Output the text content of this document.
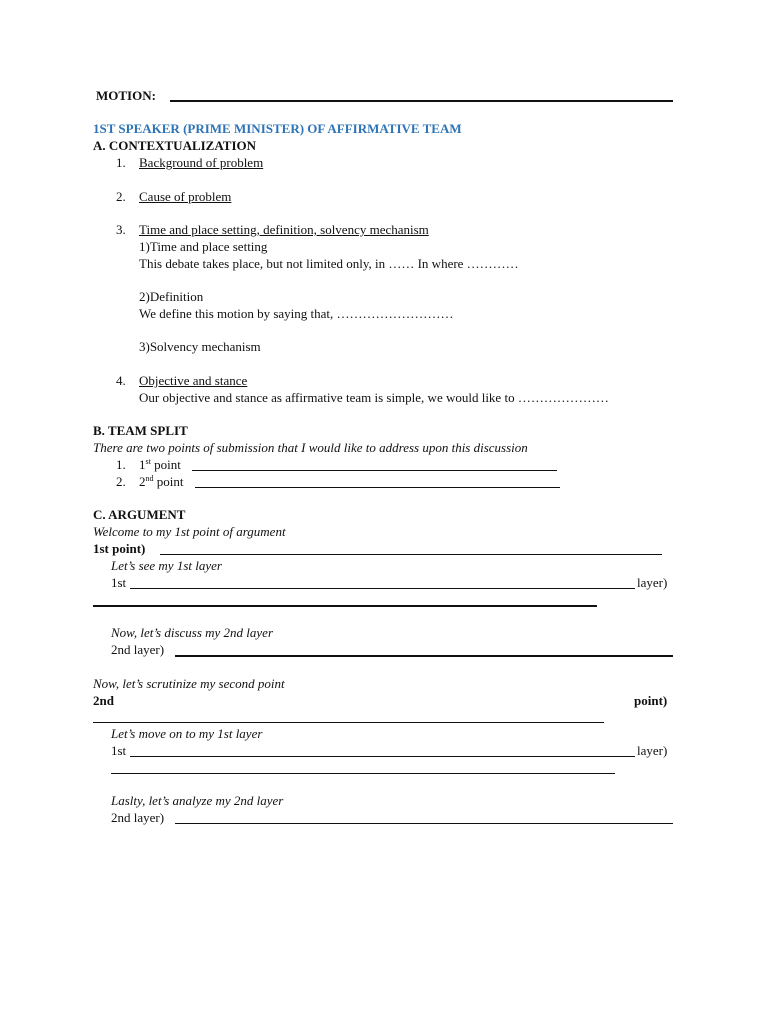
MOTION:
1ST SPEAKER (PRIME MINISTER) OF AFFIRMATIVE TEAM
A. CONTEXTUALIZATION
1. Background of problem
2. Cause of problem
3. Time and place setting, definition, solvency mechanism
1)Time and place setting
This debate takes place, but not limited only, in …… In where …………
2)Definition
We define this motion by saying that, ………………………
3)Solvency mechanism
4. Objective and stance
Our objective and stance as affirmative team is simple, we would like to …………………
B. TEAM SPLIT
There are two points of submission that I would like to address upon this discussion
1. 1st point
2. 2nd point
C. ARGUMENT
Welcome to my 1st point of argument
1st point)
Let’s see my 1st layer
1st	layer)
Now, let’s discuss my 2nd layer
2nd layer)
Now, let’s scrutinize my second point
2nd	point)
Let’s move on to my 1st layer
1st	layer)
Laslty, let’s analyze my 2nd layer
2nd layer)
